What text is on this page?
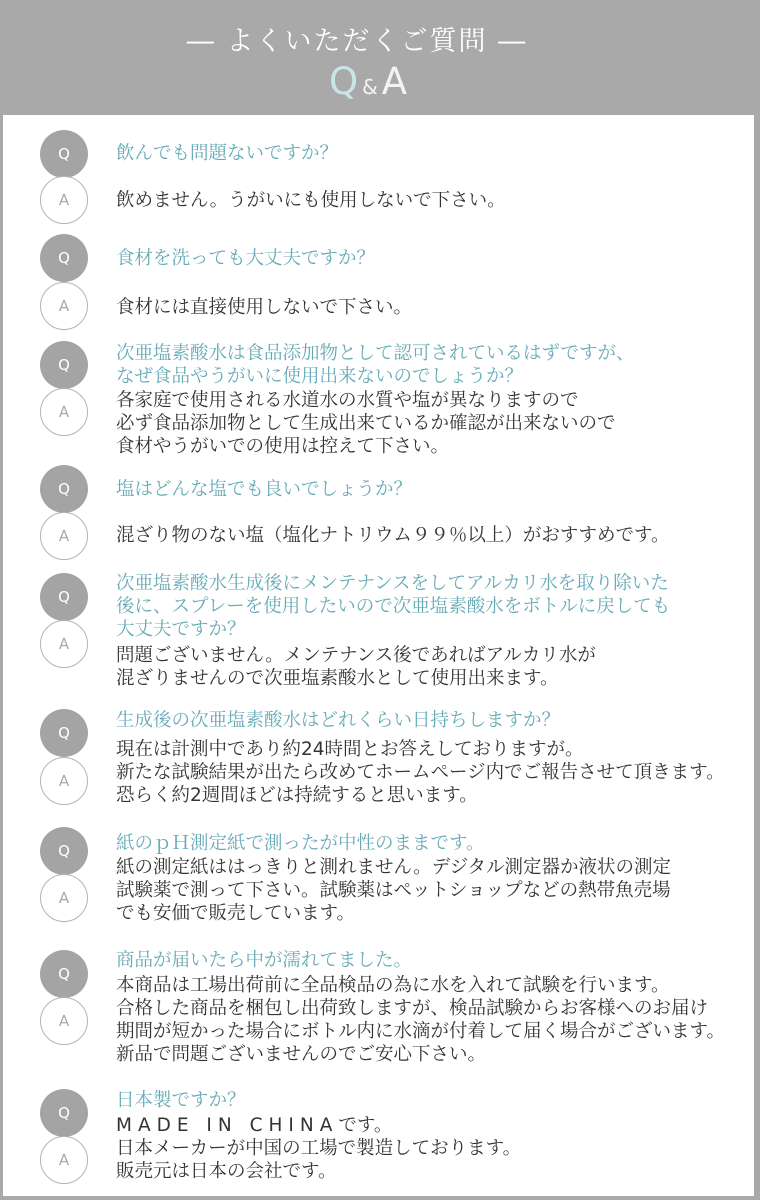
― よくいただくご質問 ―
Q & A
Q	飲んでも問題ないですか？
A	飲めません。うがいにも使用しないで下さい。
Q	食材を洗っても大丈夫ですか？
A	食材には直接使用しないで下さい。
Q
次亜塩素酸水は食品添加物として認可されているはずですが、
なぜ食品やうがいに使用出来ないのでしょうか？
A
各家庭で使用される水道水の水質や塩が異なりますので
必ず食品添加物として生成出来ているか確認が出来ないので
食材やうがいでの使用は控えて下さい。
Q	塩はどんな塩でも良いでしょうか？
A	混ざり物のない塩（塩化ナトリウム９９％以上）がおすすめです。
Q
次亜塩素酸水生成後にメンテナンスをしてアルカリ水を取り除いた
後に、スプレーを使用したいので次亜塩素酸水をボトルに戻しても
大丈夫ですか？
A
問題ございません。メンテナンス後であればアルカリ水が
混ざりませんので次亜塩素酸水として使用出来ます。
Q
生成後の次亜塩素酸水はどれくらい日持ちしますか？
A
現在は計測中であり約24時間とお答えしておりますが。
新たな試験結果が出たら改めてホームページ内でご報告させて頂きます。
恐らく約2週間ほどは持続すると思います。
Q	紙のｐＨ測定紙で測ったが中性のままです。
A
紙の測定紙ははっきりと測れません。デジタル測定器か液状の測定
試験薬で測って下さい。試験薬はペットショップなどの熱帯魚売場
でも安価で販売しています。
Q
商品が届いたら中が濡れてました。
A
本商品は工場出荷前に全品検品の為に水を入れて試験を行います。
合格した商品を梱包し出荷致しますが、検品試験からお客様へのお届け
期間が短かった場合にボトル内に水滴が付着して届く場合がございます。
新品で問題ございませんのでご安心下さい。
Q
日本製ですか？
A
MADE IN CHINAです。
日本メーカーが中国の工場で製造しております。
販売元は日本の会社です。
